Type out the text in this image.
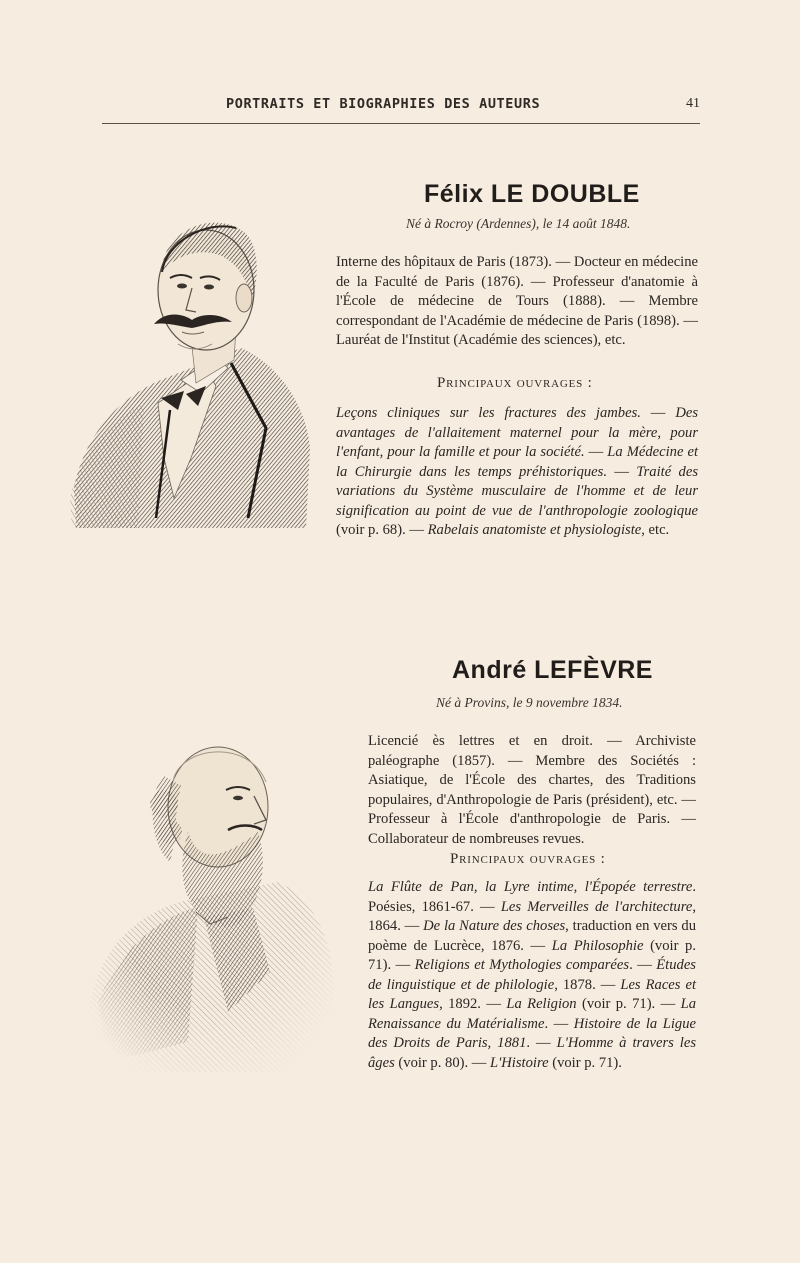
PORTRAITS ET BIOGRAPHIES DES AUTEURS	41
Félix LE DOUBLE
Né à Rocroy (Ardennes), le 14 août 1848.
Interne des hôpitaux de Paris (1873). — Docteur en médecine de la Faculté de Paris (1876). — Professeur d'anatomie à l'École de médecine de Tours (1888). — Membre correspondant de l'Académie de médecine de Paris (1898). — Lauréat de l'Institut (Académie des sciences), etc.
Principaux ouvrages :
Leçons cliniques sur les fractures des jambes. — Des avantages de l'allaitement maternel pour la mère, pour l'enfant, pour la famille et pour la société. — La Médecine et la Chirurgie dans les temps préhistoriques. — Traité des variations du Système musculaire de l'homme et de leur signification au point de vue de l'anthropologie zoologique (voir p. 68). — Rabelais anatomiste et physiologiste, etc.
André LEFÈVRE
Né à Provins, le 9 novembre 1834.
Licencié ès lettres et en droit. — Archiviste paléographe (1857). — Membre des Sociétés : Asiatique, de l'École des chartes, des Traditions populaires, d'Anthropologie de Paris (président), etc. — Professeur à l'École d'anthropologie de Paris. — Collaborateur de nombreuses revues.
Principaux ouvrages :
La Flûte de Pan, la Lyre intime, l'Épopée terrestre. Poésies, 1861-67. — Les Merveilles de l'architecture, 1864. — De la Nature des choses, traduction en vers du poème de Lucrèce, 1876. — La Philosophie (voir p. 71). — Religions et Mythologies comparées. — Études de linguistique et de philologie, 1878. — Les Races et les Langues, 1892. — La Religion (voir p. 71). — La Renaissance du Matérialisme. — Histoire de la Ligue des Droits de Paris, 1881. — L'Homme à travers les âges (voir p. 80). — L'Histoire (voir p. 71).
